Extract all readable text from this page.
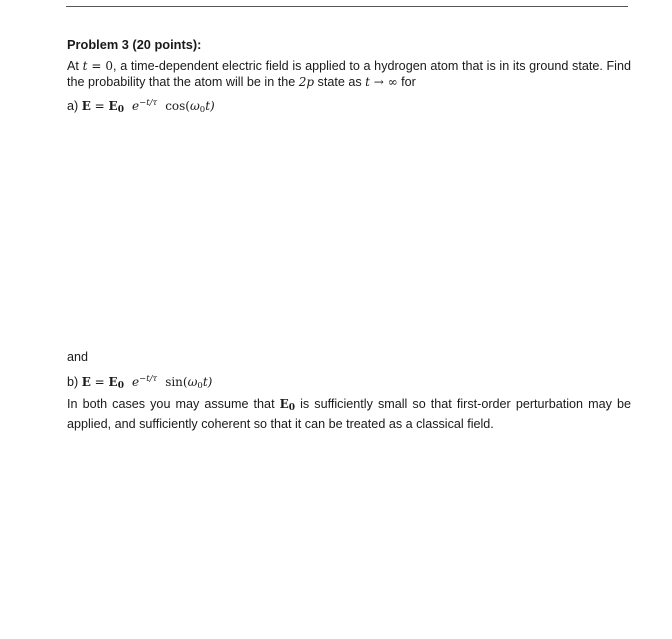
Problem 3 (20 points):
At t = 0, a time-dependent electric field is applied to a hydrogen atom that is in its ground state. Find
the probability that the atom will be in the 2p state as t → ∞ for
a) E = E0 $e^{-t/\tau}$ cos(ω0t)
and
b) E = E0 $e^{-t/\tau}$ sin(ω0t)
In both cases you may assume that E0 is sufficiently small so that first-order perturbation may be
applied, and sufficiently coherent so that it can be treated as a classical field.
